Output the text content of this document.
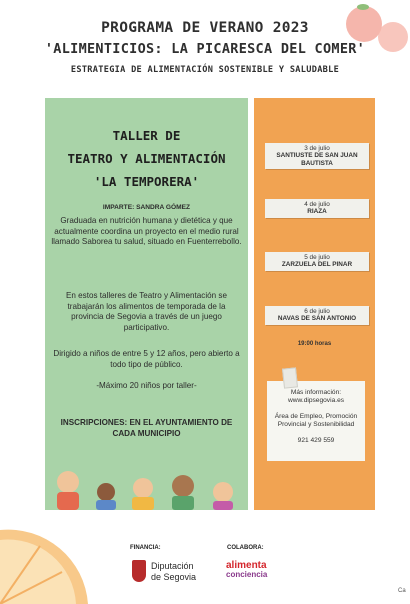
PROGRAMA DE VERANO 2023
'ALIMENTICIOS: LA PICARESCA DEL COMER'
ESTRATEGIA DE ALIMENTACIÓN SOSTENIBLE Y SALUDABLE
TALLER DE
TEATRO Y ALIMENTACIÓN
'LA TEMPORERA'
IMPARTE: SANDRA GÓMEZ
Graduada en nutrición humana y dietética y que actualmente coordina un proyecto en el medio rural llamado Saborea tu salud, situado en Fuenterrebollo.
En estos talleres de Teatro y Alimentación se trabajarán los alimentos de temporada de la provincia de Segovia a través de un juego participativo.
Dirigido a niños de entre 5 y 12 años, pero abierto a todo tipo de público.
-Máximo 20 niños por taller-
INSCRIPCIONES: EN EL AYUNTAMIENTO DE CADA MUNICIPIO
3 de julio
SANTIUSTE DE SAN JUAN BAUTISTA
4 de julio
RIAZA
5 de julio
ZARZUELA DEL PINAR
6 de julio
NAVAS DE SAN ANTONIO
19:00 horas
Más información:
www.dipsegovia.es
Área de Empleo, Promoción Provincial y Sostenibilidad
921 429 559
FINANCIA:
Diputación
de Segovia
COLABORA:
alimenta
conciencia
Ca
